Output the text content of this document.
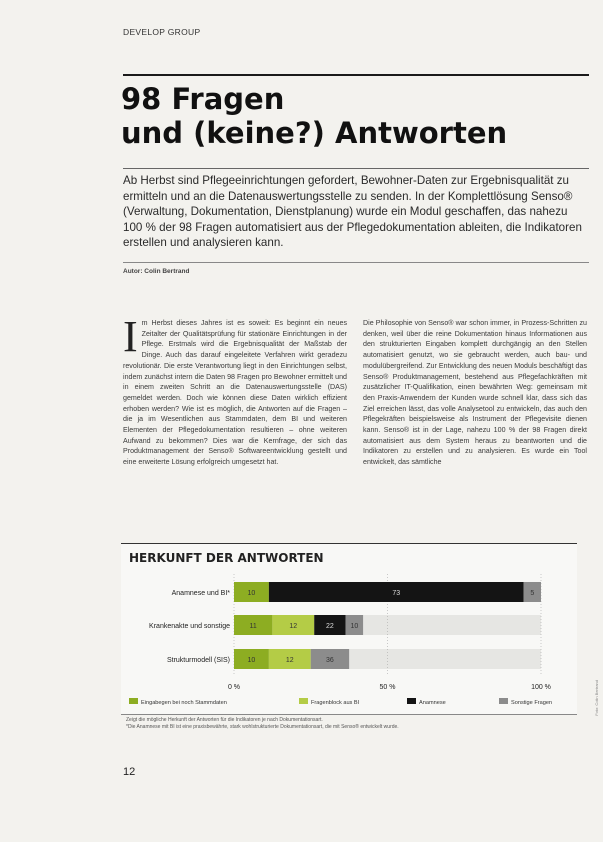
DEVELOP GROUP
98 Fragen
und (keine?) Antworten
Ab Herbst sind Pflegeeinrichtungen gefordert, Bewohner-Daten zur Ergebnisqualität zu ermitteln und an die Datenauswertungsstelle zu senden. In der Komplettlösung Senso® (Verwaltung, Dokumentation, Dienstplanung) wurde ein Modul geschaffen, das nahezu 100 % der 98 Fragen automatisiert aus der Pflegedokumentation ableiten, die Indikatoren erstellen und analysieren kann.
Autor: Colin Bertrand
Im Herbst dieses Jahres ist es soweit: Es beginnt ein neues Zeitalter der Qualitätsprüfung für stationäre Einrichtungen in der Pflege. Erstmals wird die Ergebnisqualität der Maßstab der Dinge. Auch das darauf eingeleitete Verfahren wirkt geradezu revolutionär. Die erste Verantwortung liegt in den Einrichtungen selbst, indem zunächst intern die Daten 98 Fragen pro Bewohner ermittelt und in einem zweiten Schritt an die Datenauswertungsstelle (DAS) gemeldet werden. Doch wie können diese Daten wirklich effizient erhoben werden? Wie ist es möglich, die Antworten auf die Fragen – die ja im Wesentlichen aus Stammdaten, dem BI und weiteren Elementen der Pflegedokumentation resultieren – ohne weiteren Aufwand zu bekommen? Dies war die Kernfrage, der sich das Produktmanagement der Senso® Softwareentwicklung gestellt und eine erweiterte Lösung erfolgreich umgesetzt hat.
Die Philosophie von Senso® war schon immer, in Prozess-Schritten zu denken, weil über die reine Dokumentation hinaus Informationen aus den strukturierten Eingaben komplett durchgängig an den Stellen automatisiert genutzt, wo sie gebraucht werden, auch bau- und modulübergreifend. Zur Entwicklung des neuen Moduls beschäftigt das Senso® Produktmanagement, bestehend aus Pflegefachkräften mit zusätzlicher IT-Qualifikation, einen bewährten Weg: gemeinsam mit den Praxis-Anwendern der Kunden wurde schnell klar, dass sich das Ziel erreichen lässt, das volle Analysetool zu entwickeln, das auch den Pflegekräften beispielsweise als Instrument der Pflegevisite dienen kann. Senso® ist in der Lage, nahezu 100 % der 98 Fragen direkt automatisiert aus dem System heraus zu beantworten und die Indikatoren zu erstellen und zu analysieren. Es wurde ein Tool entwickelt, das sämtliche
HERKUNFT DER ANTWORTEN
Anamnese und BI*
Krankenakte und sonstige
Strukturmodell (SIS)
10	73	5
11	12	22 10
10	12	36
0 %	50 %	100 %
Eingabegen bei noch Stammdaten	Fragenblock aus BI	Anamnese	Sonstige Fragen
Zeigt die mögliche Herkunft der Antworten für die Indikatoren je nach Dokumentationsart.
*Die Anamnese mit BI ist eine praxisbewährte, stark wohlstrukturierte Dokumentationsart, die mit Senso® entwickelt wurde.
12
Foto: Colin Bertrand
